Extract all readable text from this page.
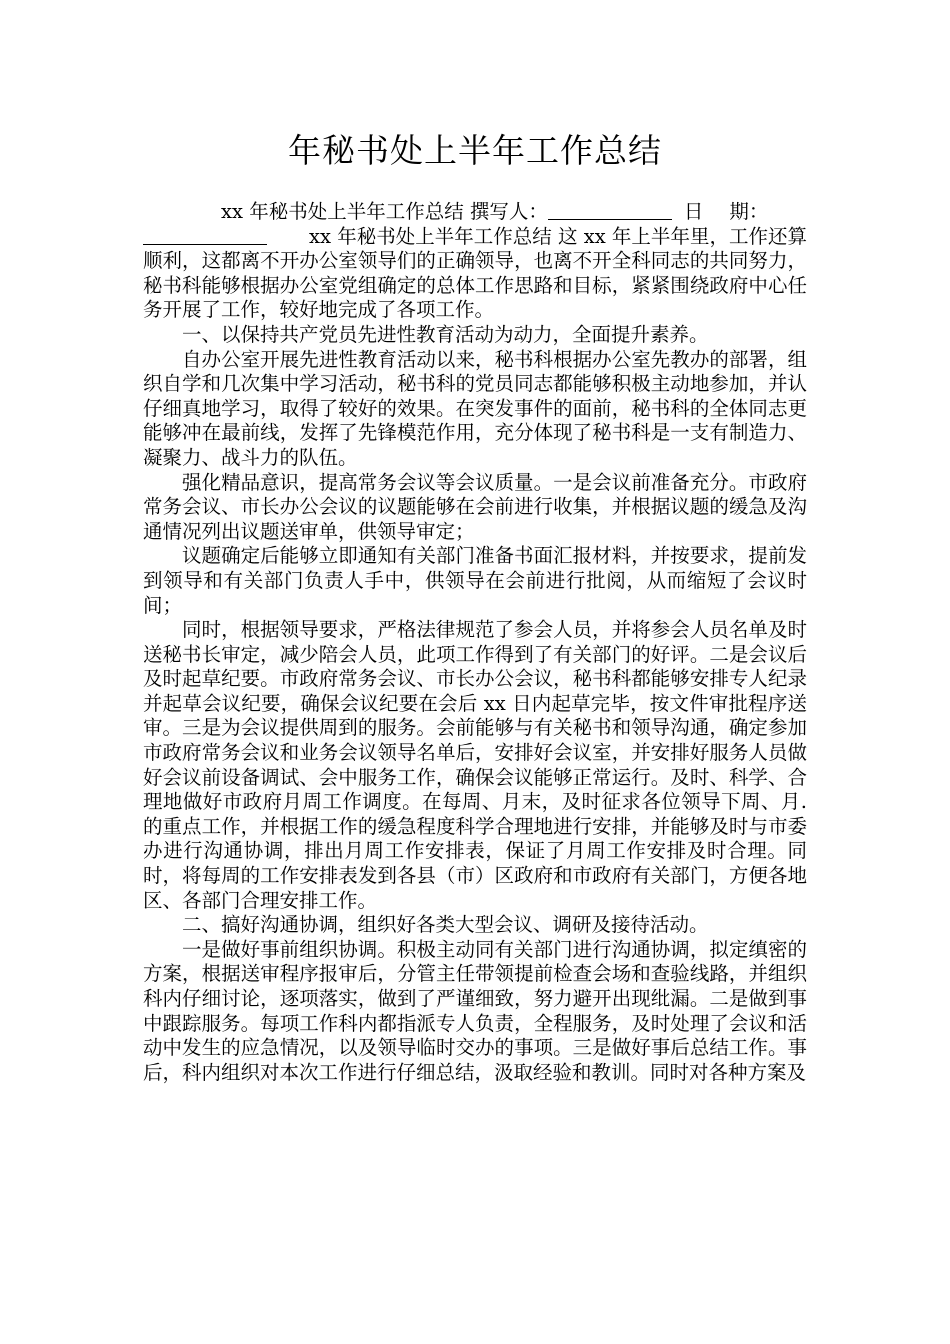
年秘书处上半年工作总结
xx 年秘书处上半年工作总结 撰写人：	日 期：
xx 年秘书处上半年工作总结 这 xx 年上半年里，工作还算顺利，这都离不开办公室领导们的正确领导，也离不开全科同志的共同努力，秘书科能够根据办公室党组确定的总体工作思路和目标，紧紧围绕政府中心任务开展了工作，较好地完成了各项工作。

一、以保持共产党员先进性教育活动为动力，全面提升素养。

自办公室开展先进性教育活动以来，秘书科根据办公室先教办的部署，组织自学和几次集中学习活动，秘书科的党员同志都能够积极主动地参加，并认仔细真地学习，取得了较好的效果。在突发事件的面前，秘书科的全体同志更能够冲在最前线，发挥了先锋模范作用，充分体现了秘书科是一支有制造力、凝聚力、战斗力的队伍。

强化精品意识，提高常务会议等会议质量。一是会议前准备充分。市政府常务会议、市长办公会议的议题能够在会前进行收集，并根据议题的缓急及沟通情况列出议题送审单，供领导审定；

议题确定后能够立即通知有关部门准备书面汇报材料，并按要求，提前发到领导和有关部门负责人手中，供领导在会前进行批阅，从而缩短了会议时间；

同时，根据领导要求，严格法律规范了参会人员，并将参会人员名单及时送秘书长审定，减少陪会人员，此项工作得到了有关部门的好评。二是会议后及时起草纪要。市政府常务会议、市长办公会议，秘书科都能够安排专人纪录并起草会议纪要，确保会议纪要在会后 xx 日内起草完毕，按文件审批程序送审。三是为会议提供周到的服务。会前能够与有关秘书和领导沟通，确定参加市政府常务会议和业务会议领导名单后，安排好会议室，并安排好服务人员做好会议前设备调试、会中服务工作，确保会议能够正常运行。及时、科学、合理地做好市政府月周工作调度。在每周、月末，及时征求各位领导下周、月. 的重点工作，并根据工作的缓急程度科学合理地进行安排，并能够及时与市委办进行沟通协调，排出月周工作安排表，保证了月周工作安排及时合理。同时，将每周的工作安排表发到各县（市）区政府和市政府有关部门，方便各地区、各部门合理安排工作。

二、搞好沟通协调，组织好各类大型会议、调研及接待活动。

一是做好事前组织协调。积极主动同有关部门进行沟通协调，拟定缜密的方案，根据送审程序报审后，分管主任带领提前检查会场和查验线路，并组织科内仔细讨论，逐项落实，做到了严谨细致，努力避开出现纰漏。二是做到事中跟踪服务。每项工作科内都指派专人负责，全程服务，及时处理了会议和活动中发生的应急情况，以及领导临时交办的事项。三是做好事后总结工作。事后，科内组织对本次工作进行仔细总结，汲取经验和教训。同时对各种方案及
